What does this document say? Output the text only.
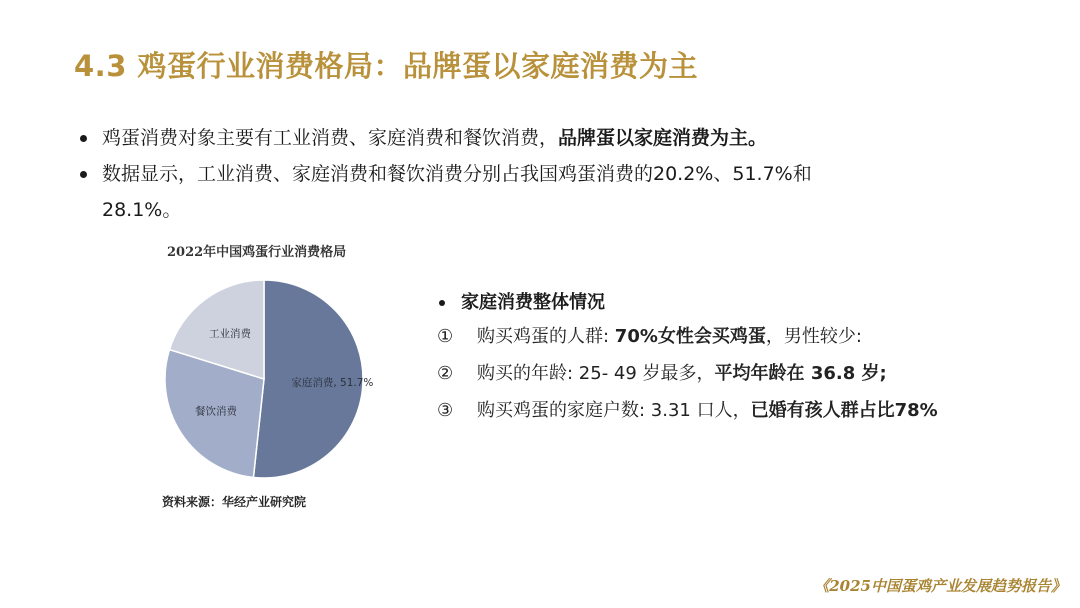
4.3 鸡蛋行业消费格局：品牌蛋以家庭消费为主
鸡蛋消费对象主要有工业消费、家庭消费和餐饮消费，品牌蛋以家庭消费为主。
数据显示，工业消费、家庭消费和餐饮消费分别占我国鸡蛋消费的20.2%、51.7%和
28.1%。
2022年中国鸡蛋行业消费格局
家庭消费, 51.7%
餐饮消费
工业消费
资料来源：华经产业研究院
家庭消费整体情况
① 购买鸡蛋的人群: 70%女性会买鸡蛋，男性较少:
② 购买的年龄: 25- 49 岁最多，平均年龄在 36.8 岁;
③ 购买鸡蛋的家庭户数: 3.31 口人，已婚有孩人群占比78%
《2025中国蛋鸡产业发展趋势报告》
